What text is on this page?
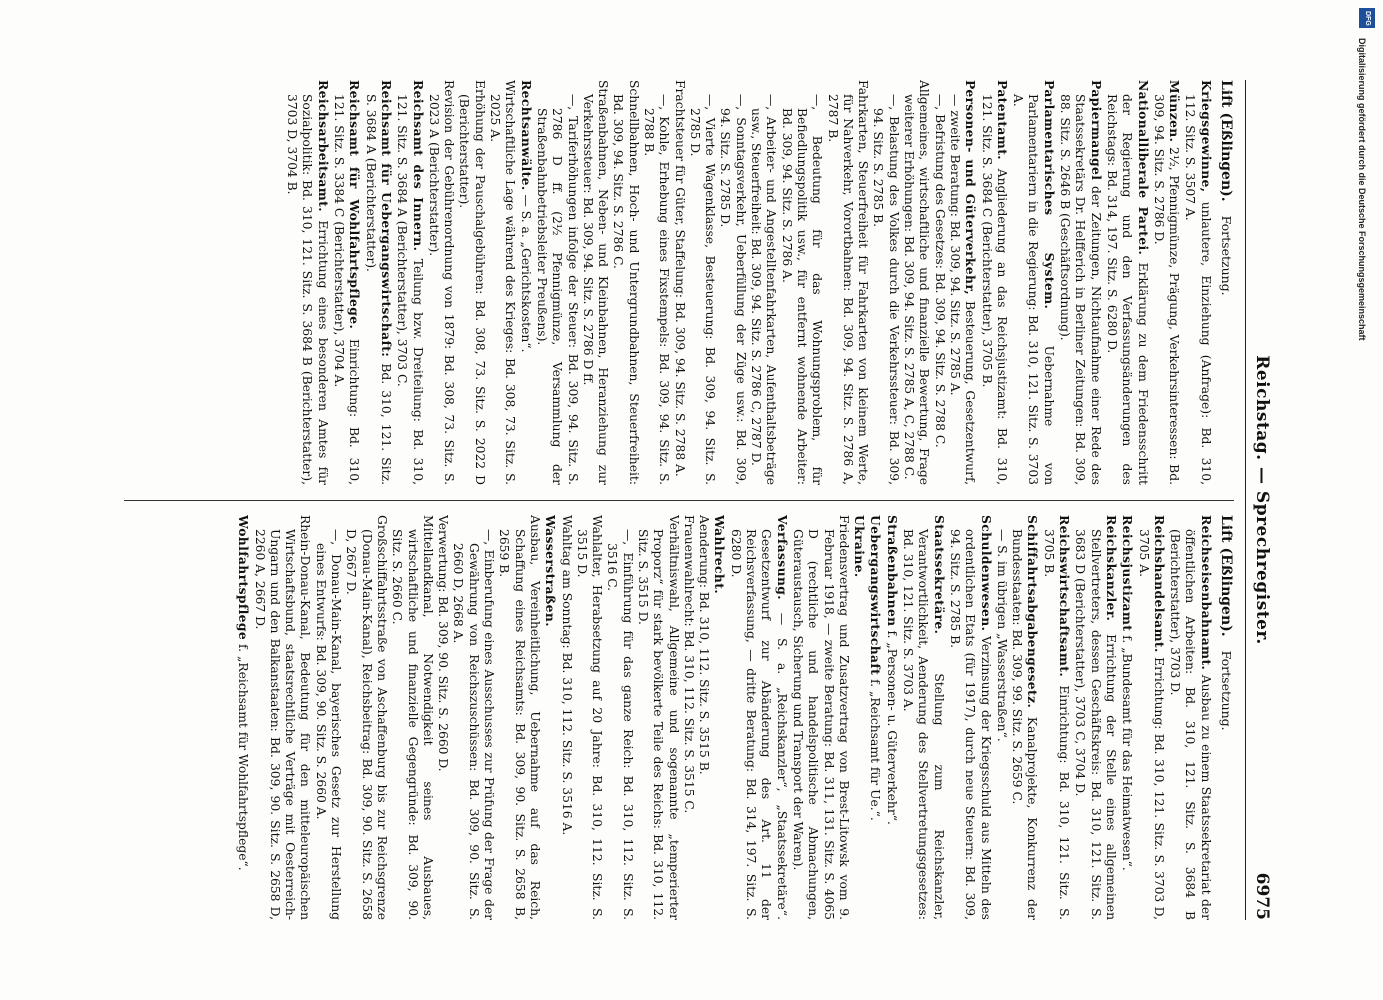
Reichstag. — Sprechregister.
6975
Lift (Eßlingen). Fortsetzung.

Kriegsgewinne, unlautere, Einziehung (Anfrage): Bd. 310, 112. Sitz. S. 3507 A.

Münzen. 2½, Pfennigmünze, Prägung, Verkehrsinteressen: Bd. 309, 94. Sitz. S. 2786 D.

Nationalliberale Partei. Erklärung zu dem Friedensschritt der Regierung und den Verfassungsänderungen des Reichstags: Bd. 314, 197. Sitz. S. 6280 D.

Papiermangel der Zeitungen, Nichtaufnahme einer Rede des Staatssekretärs Dr. Helfferich in Berliner Zeitungen: Bd. 309, 88. Sitz. S. 2646 B (Geschäftsordnung).

Parlamentarisches System. Uebernahme von Parlamentariern in die Regierung: Bd. 310, 121. Sitz. S. 3703 A.

Patentamt. Angliederung an das Reichsjustizamt: Bd. 310, 121. Sitz. S. 3684 C (Berichterstatter), 3705 B.

Personen- und Güterverkehr, Besteuerung, Gesetzentwurf, — zweite Beratung: Bd. 309, 94. Sitz. S. 2785 A.

—, Befristung des Gesetzes: Bd. 309, 94. Sitz. S. 2788 C.

Allgemeines, wirtschaftliche und finanzielle Bewertung, Frage weiterer Erhöhungen: Bd. 309, 94. Sitz. S. 2785 A, C, 2788 C.

—, Belastung des Volkes durch die Verkehrssteuer: Bd. 309, 94. Sitz. S. 2785 B.

Fahrkarten, Steuerfreiheit für Fahrkarten von kleinem Werte, für Nahverkehr, Vorortbahnen: Bd. 309, 94. Sitz. S. 2786 A, 2787 B.

—, Bedeutung für das Wohnungsproblem, für Befiedlungspolitik usw., für entfernt wohnende Arbeiter: Bd. 309, 94. Sitz. S. 2786 A.

—, Arbeiter- und Angestelltenfahrkarten, Aufenthaltsbeträge usw., Steuerfreiheit: Bd. 309, 94. Sitz. S. 2786 C, 2787 D.

—, Sonntagsverkehr, Ueberfüllung der Züge usw.: Bd. 309, 94. Sitz. S. 2785 D.

—, Vierte Wagenklasse, Besteuerung: Bd. 309, 94. Sitz. S. 2785 D.

Frachtsteuer für Güter, Staffelung: Bd. 309, 94. Sitz. S. 2788 A.

—, Kohle, Erhebung eines Fixstempels: Bd. 309, 94. Sitz. S. 2788 B.

Schnellbahnen, Hoch- und Untergrundbahnen, Steuerfreiheit: Bd. 309, 94. Sitz. S. 2786 C.

Straßenbahnen, Neben- und Kleinbahnen, Heranziehung zur Verkehrssteuer: Bd. 309, 94. Sitz. S. 2786 D ff.

—, Tariferhöhungen infolge der Steuer: Bd. 309, 94. Sitz. S. 2786 D ff. (2½ Pfennigmünze, Versammlung der Straßenbahnbetriebsleiter Preußens).

Rechtsanwälte. — S. a. „Gerichtskosten“.

Wirtschaftliche Lage während des Krieges: Bd. 308, 73. Sitz. S. 2025 A.

Erhöhung der Pauschalgebühren: Bd. 308, 73. Sitz. S. 2022 D (Berichterstatter).

Revision der Gebührenordnung von 1879: Bd. 308, 73. Sitz. S. 2023 A (Berichterstatter).

Reichsamt des Innern. Teilung bzw. Dreiteilung: Bd. 310, 121. Sitz. S. 3684 A (Berichterstatter), 3703 C.

Reichsamt für Uebergangswirtschaft: Bd. 310, 121. Sitz. S. 3684 A (Berichterstatter).

Reichsamt für Wohlfahrtspflege. Einrichtung: Bd. 310, 121. Sitz. S. 3384 C (Berichterstatter), 3704 A.

Reichsarbeitsamt. Errichtung eines besonderen Amtes für Sozialpolitik: Bd. 310, 121. Sitz. S. 3684 B (Berichterstatter), 3703 D, 3704 B.

Lift (Eßlingen). Fortsetzung.

Reichseisenbahnamt. Ausbau zu einem Staatssekretariat der öffentlichen Arbeiten: Bd. 310, 121. Sitz. S. 3684 B (Berichterstatter), 3703 D.

Reichshandelsamt. Errichtung: Bd. 310, 121. Sitz. S. 3703 D, 3705 A.

Reichsjustizamt f. „Bundesamt für das Heimatwesen“.

Reichskanzler. Errichtung der Stelle eines allgemeinen Stellvertreters, dessen Geschäftskreis: Bd. 310, 121. Sitz. S. 3683 D (Berichterstatter), 3703 C, 3704 D.

Reichswirtschaftsamt. Einrichtung: Bd. 310, 121. Sitz. S. 3705 B.

Schiffahrtsabgabengesetz. Kanalprojekte, Konkurrenz der Bundesstaaten: Bd. 309, 99. Sitz. S. 2659 C.

— S. im übrigen „Wasserstraßen“.

Schuldenwesen. Verzinsung der Kriegsschuld aus Mitteln des ordentlichen Etats (für 1917), durch neue Steuern: Bd. 309, 94. Sitz. S. 2785 B.

Staatssekretäre. Stellung zum Reichskanzler, Verantwortlichkeit, Aenderung des Stellvertretungsgesetzes: Bd. 310, 121. Sitz. S. 3703 A.

Straßenbahnen f. „Personen- u. Güterverkehr“.

Uebergangswirtschaft f. „Reichsamt für Ue.“.

Ukraine.

Friedensvertrag und Zusatzvertrag von Brest-Litowsk vom 9. Februar 1918, — zweite Beratung: Bd. 311, 131. Sitz. S. 4065 D (rechtliche und handelspolitische Abmachungen, Güteraustausch, Sicherung und Transport der Waren).

Verfassung. — S. a. „Reichskanzler“, „Staatssekretäre“. Gesetzentwurf zur Abänderung des Art. 11 der Reichsverfassung, — dritte Beratung: Bd. 314, 197. Sitz. S. 6280 D.

Wahlrecht.

Aenderung: Bd. 310, 112. Sitz. S. 3515 B.

Frauenwahlrecht: Bd. 310, 112. Sitz. S. 3515 C.

Verhältniswahl, Allgemeine und sogenannte „temperierter Proporz“ für stark bevölkerte Teile des Reichs: Bd. 310, 112. Sitz. S. 3515 D.

—, Einführung für das ganze Reich: Bd. 310, 112. Sitz. S. 3516 C.

Wahlalter, Herabsetzung auf 20 Jahre: Bd. 310, 112. Sitz. S. 3515 D.

Wahltag am Sonntag: Bd. 310, 112. Sitz. S. 3516 A.

Wasserstraßen.

Ausbau, Vereinheitlichung, Uebernahme auf das Reich, Schaffung eines Reichsamts: Bd. 309, 90. Sitz. S. 2658 B, 2659 B.

—, Einberufung eines Ausschusses zur Prüfung der Frage der Gewährung von Reichszuschüssen: Bd. 309, 90. Sitz. S. 2660 D, 2668 A.

Verwertung: Bd. 309, 90. Sitz. S. 2660 D.

Mittellandkanal, Notwendigkeit seines Ausbaues, wirtschaftliche und finanzielle Gegengründe: Bd. 309, 90. Sitz. S. 2660 C.

Großschiffahrtsstraße von Aschaffenburg bis zur Reichsgrenze (Donau-Main-Kanal), Reichsbeitrag: Bd. 309, 90. Sitz. S. 2658 D, 2667 D.

—, Donau-Main-Kanal, bayerisches Gesetz zur Herstellung eines Entwurfs: Bd. 309, 90. Sitz. S. 2660 A.

Rhein-Donau-Kanal, Bedeutung für den mitteleuropäischen Wirtschaftsbund, staatsrechtliche Verträge mit Oesterreich-Ungarn und den Balkanstaaten: Bd. 309, 90. Sitz. S. 2658 D, 2260 A, 2667 D.

Wohlfahrtspflege f. „Reichsamt für Wohlfahrtspflege“.

Digitalisierung gefördert durch die Deutsche Forschungsgemeinschaft
DFG
